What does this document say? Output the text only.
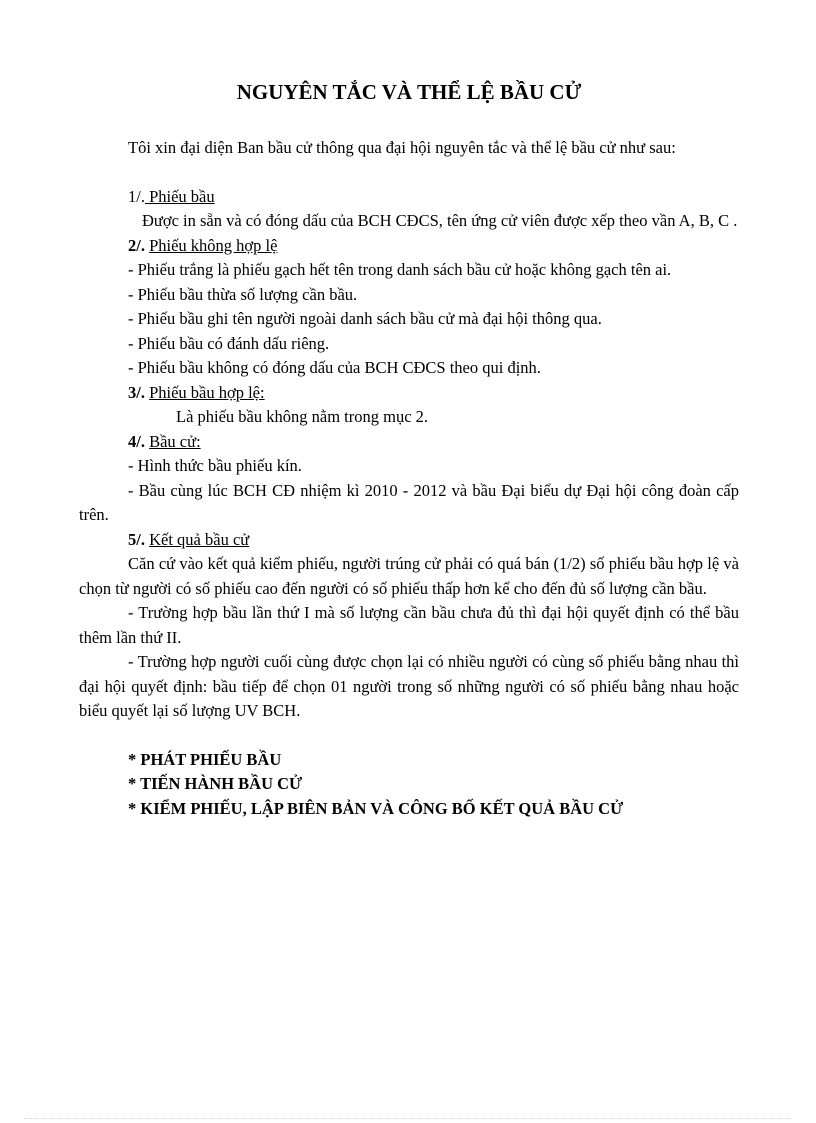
NGUYÊN TẮC VÀ THỂ LỆ BẦU CỬ

Tôi xin đại diện Ban bầu cử thông qua đại hội nguyên tắc và thể lệ bầu cử như sau:

1/. Phiếu bầu

Được in sẵn và có đóng dấu của BCH CĐCS, tên ứng cử viên được xếp theo vần A, B, C .

2/. Phiếu không hợp lệ

- Phiếu trắng là phiếu gạch hết tên trong danh sách bầu cử hoặc không gạch tên ai.

- Phiếu bầu thừa số lượng cần bầu.

- Phiếu bầu ghi tên người ngoài danh sách bầu cử mà đại hội thông qua.

- Phiếu bầu có đánh dấu riêng.

- Phiếu bầu không có đóng dấu của BCH CĐCS theo qui định.

3/. Phiếu bầu hợp lệ:

Là phiếu bầu không nằm trong mục 2.

4/. Bầu cử:

- Hình thức bầu phiếu kín.

- Bầu cùng lúc BCH CĐ nhiệm kì 2010 - 2012 và bầu Đại biểu dự Đại hội công đoàn cấp trên.

5/. Kết quả bầu cử

Căn cứ vào kết quả kiểm phiếu, người trúng cử phải có quá bán (1/2) số phiếu bầu hợp lệ và chọn từ người có số phiếu cao đến người có số phiếu thấp hơn kể cho đến đủ số lượng cần bầu.

- Trường hợp bầu lần thứ I mà số lượng cần bầu chưa đủ thì đại hội quyết định có thể bầu thêm lần thứ II.

- Trường hợp người cuối cùng được chọn lại có nhiều người có cùng số phiếu bằng nhau thì đại hội quyết định: bầu tiếp để chọn 01 người trong số những người có số phiếu bằng nhau hoặc biểu quyết lại số lượng UV BCH.

* PHÁT PHIẾU BẦU

* TIẾN HÀNH BẦU CỬ

* KIỂM PHIẾU, LẬP BIÊN BẢN VÀ CÔNG BỐ KẾT QUẢ BẦU CỬ
